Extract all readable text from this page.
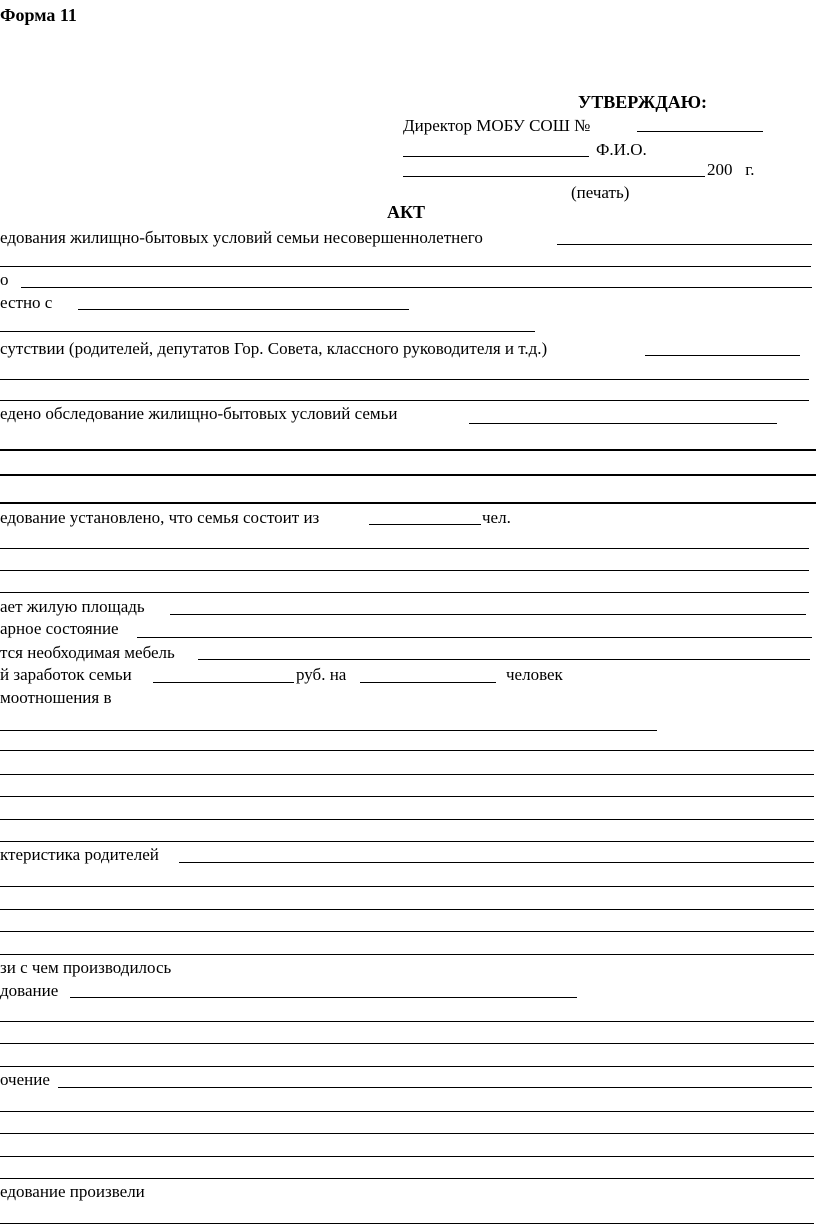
Форма 11
УТВЕРЖДАЮ:
Директор МОБУ СОШ №
Ф.И.О.
200   г.
(печать)
АКТ
едования жилищно-бытовых условий семьи несовершеннолетнего
о
естно с
сутствии (родителей, депутатов Гор. Совета, классного руководителя и т.д.)
едено обследование жилищно-бытовых условий семьи
едование установлено, что семья состоит из	чел.
ает жилую площадь
арное состояние
тся необходимая мебель
й заработок семьи	руб. на	человек
моотношения в
ктеристика родителей
зи с чем производилось
дование
очение
едование произвели
